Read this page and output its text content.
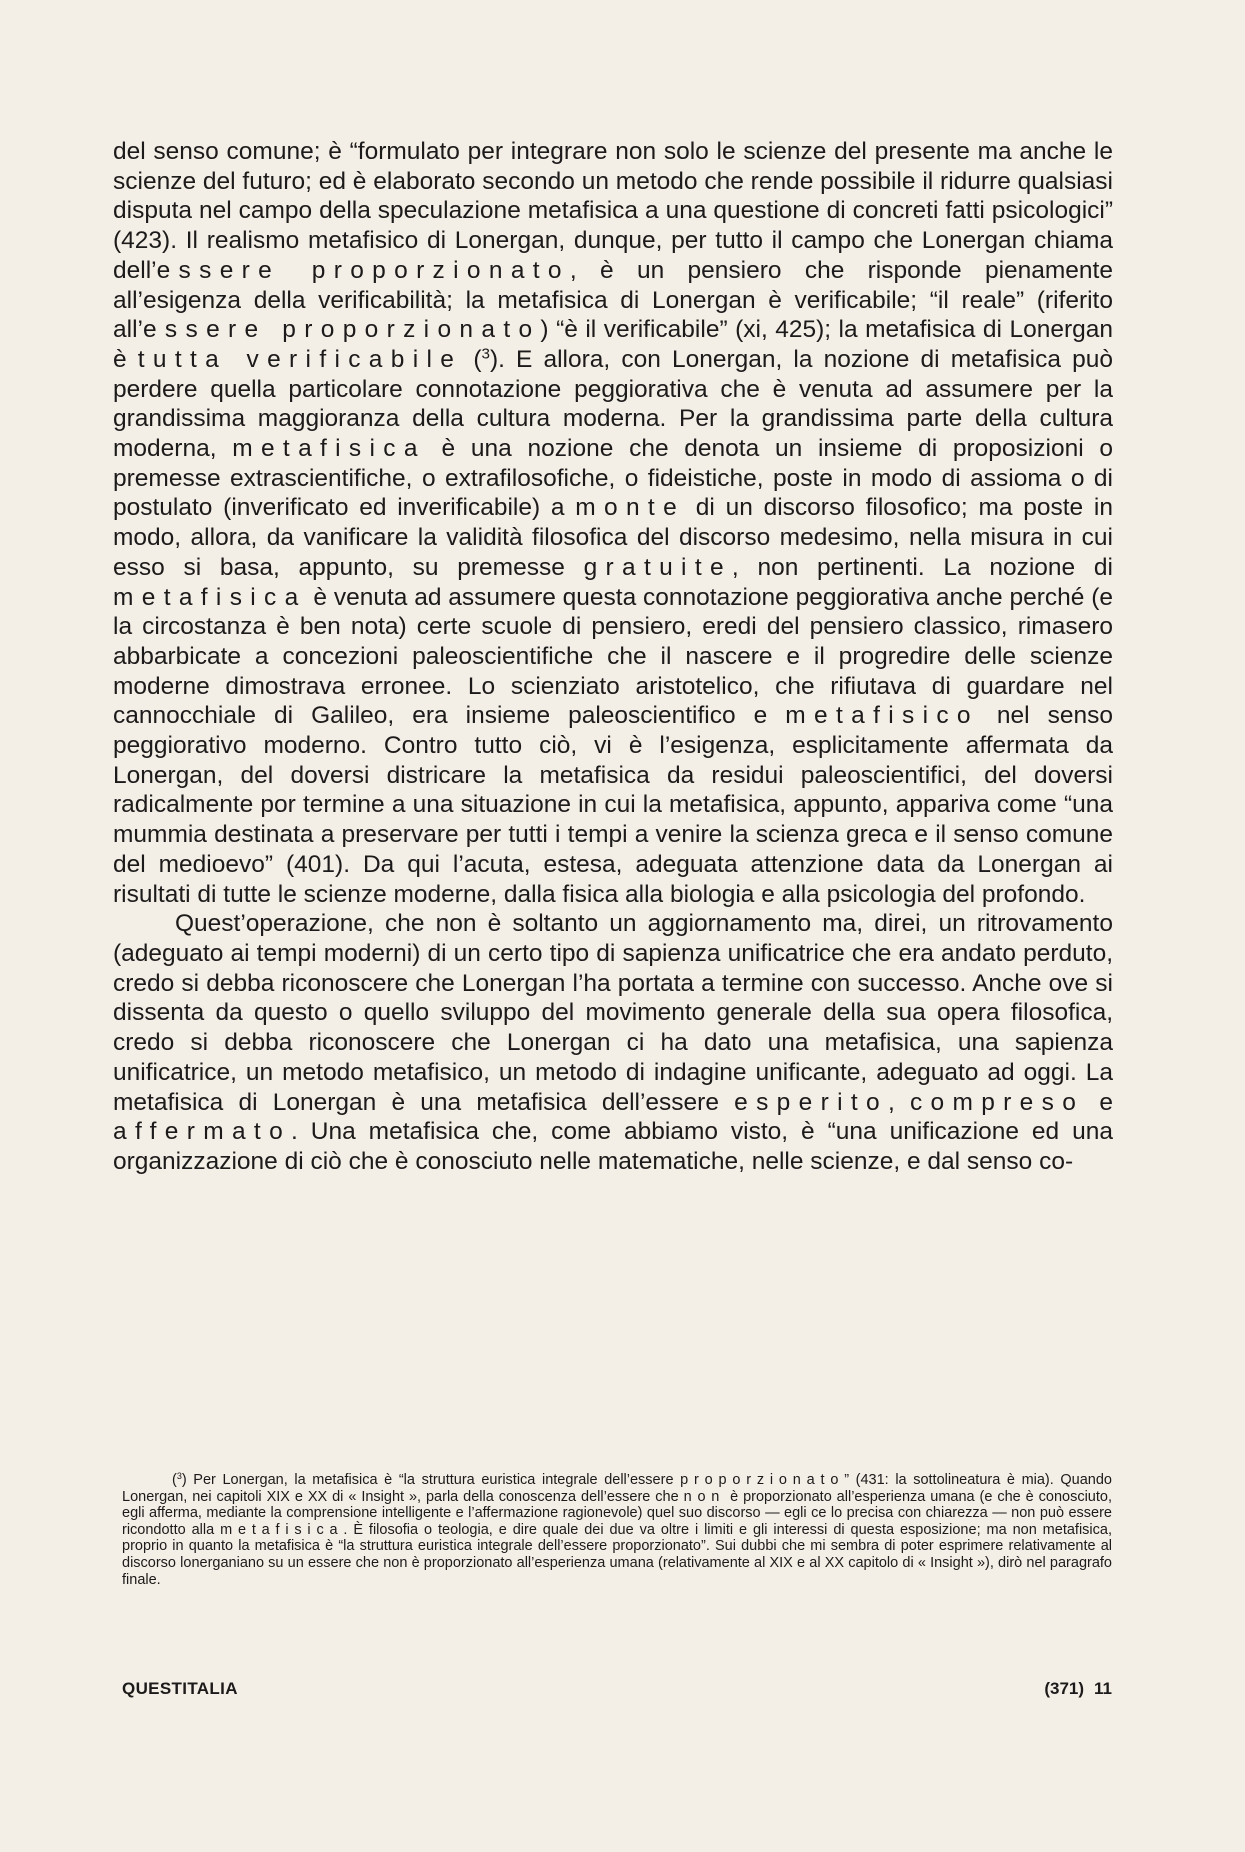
del senso comune; è “formulato per integrare non solo le scienze del presente ma anche le scienze del futuro; ed è elaborato secondo un metodo che rende possibile il ridurre qualsiasi disputa nel campo della speculazione metafisica a una questione di concreti fatti psicologici” (423). Il realismo metafisico di Lonergan, dunque, per tutto il campo che Lonergan chiama dell’essere proporzionato, è un pensiero che risponde pienamente all’esigenza della verificabilità; la metafisica di Lonergan è verificabile; “il reale” (riferito all’essere proporzionato) “è il verificabile” (xi, 425); la metafisica di Lonergan è tutta verificabile ($^3$). E allora, con Lonergan, la nozione di metafisica può perdere quella particolare connotazione peggiorativa che è venuta ad assumere per la grandissima maggioranza della cultura moderna. Per la grandissima parte della cultura moderna, metafisica è una nozione che denota un insieme di proposizioni o premesse extrascientifiche, o extrafilosofiche, o fideistiche, poste in modo di assioma o di postulato (inverificato ed inverificabile) a monte di un discorso filosofico; ma poste in modo, allora, da vanificare la validità filosofica del discorso medesimo, nella misura in cui esso si basa, appunto, su premesse gratuite, non pertinenti. La nozione di metafisica è venuta ad assumere questa connotazione peggiorativa anche perché (e la circostanza è ben nota) certe scuole di pensiero, eredi del pensiero classico, rimasero abbarbicate a concezioni paleoscientifiche che il nascere e il progredire delle scienze moderne dimostrava erronee. Lo scienziato aristotelico, che rifiutava di guardare nel cannocchiale di Galileo, era insieme paleoscientifico e metafisico nel senso peggiorativo moderno. Contro tutto ciò, vi è l’esigenza, esplicitamente affermata da Lonergan, del doversi districare la metafisica da residui paleoscientifici, del doversi radicalmente por termine a una situazione in cui la metafisica, appunto, appariva come “una mummia destinata a preservare per tutti i tempi a venire la scienza greca e il senso comune del medioevo” (401). Da qui l’acuta, estesa, adeguata attenzione data da Lonergan ai risultati di tutte le scienze moderne, dalla fisica alla biologia e alla psicologia del profondo.

Quest’operazione, che non è soltanto un aggiornamento ma, direi, un ritrovamento (adeguato ai tempi moderni) di un certo tipo di sapienza unificatrice che era andato perduto, credo si debba riconoscere che Lonergan l’ha portata a termine con successo. Anche ove si dissenta da questo o quello sviluppo del movimento generale della sua opera filosofica, credo si debba riconoscere che Lonergan ci ha dato una metafisica, una sapienza unificatrice, un metodo metafisico, un metodo di indagine unificante, adeguato ad oggi. La metafisica di Lonergan è una metafisica dell’essere esperito, compreso e affermato. Una metafisica che, come abbiamo visto, è “una unificazione ed una organizzazione di ciò che è conosciuto nelle matematiche, nelle scienze, e dal senso co-

($^3$) Per Lonergan, la metafisica è “la struttura euristica integrale dell’essere proporzionato” (431: la sottolineatura è mia). Quando Lonergan, nei capitoli XIX e XX di « Insight », parla della conoscenza dell’essere che non è proporzionato all’esperienza umana (e che è conosciuto, egli afferma, mediante la comprensione intelligente e l’affermazione ragionevole) quel suo discorso — egli ce lo precisa con chiarezza — non può essere ricondotto alla metafisica. È filosofia o teologia, e dire quale dei due va oltre i limiti e gli interessi di questa esposizione; ma non metafisica, proprio in quanto la metafisica è “la struttura euristica integrale dell’essere proporzionato”. Sui dubbi che mi sembra di poter esprimere relativamente al discorso lonerganiano su un essere che non è proporzionato all’esperienza umana (relativamente al XIX e al XX capitolo di « Insight »), dirò nel paragrafo finale.

QUESTITALIA	(371) 11
